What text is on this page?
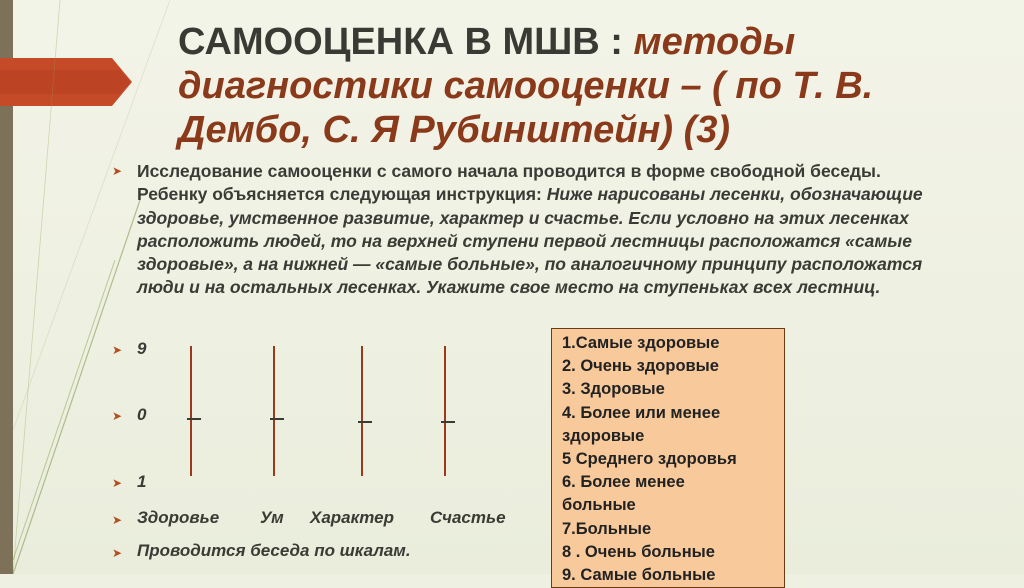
САМООЦЕНКА В МШВ : методы диагностики самооценки – ( по Т. В. Дембо, С. Я Рубинштейн) (3)
➤ Исследование самооценки с самого начала проводится в форме свободной беседы. Ребенку объясняется следующая инструкция: Ниже нарисованы лесенки, обозначающие здоровье, умственное развитие, характер и счастье. Если условно на этих лесенках расположить людей, то на верхней ступени первой лестницы расположатся «самые здоровые», а на нижней — «самые больные», по аналогичному принципу расположатся люди и на остальных лесенках. Укажите свое место на ступеньках всех лестниц.
➤ 9
➤ 0
➤ 1
➤ Здоровье Ум Характер Счастье
➤ Проводится беседа по шкалам.
1.Самые здоровые
2. Очень здоровые
3. Здоровые
4. Более или менее
здоровые
5 Среднего здоровья
6. Более менее
больные
7.Больные
8 . Очень больные
9. Самые больные
